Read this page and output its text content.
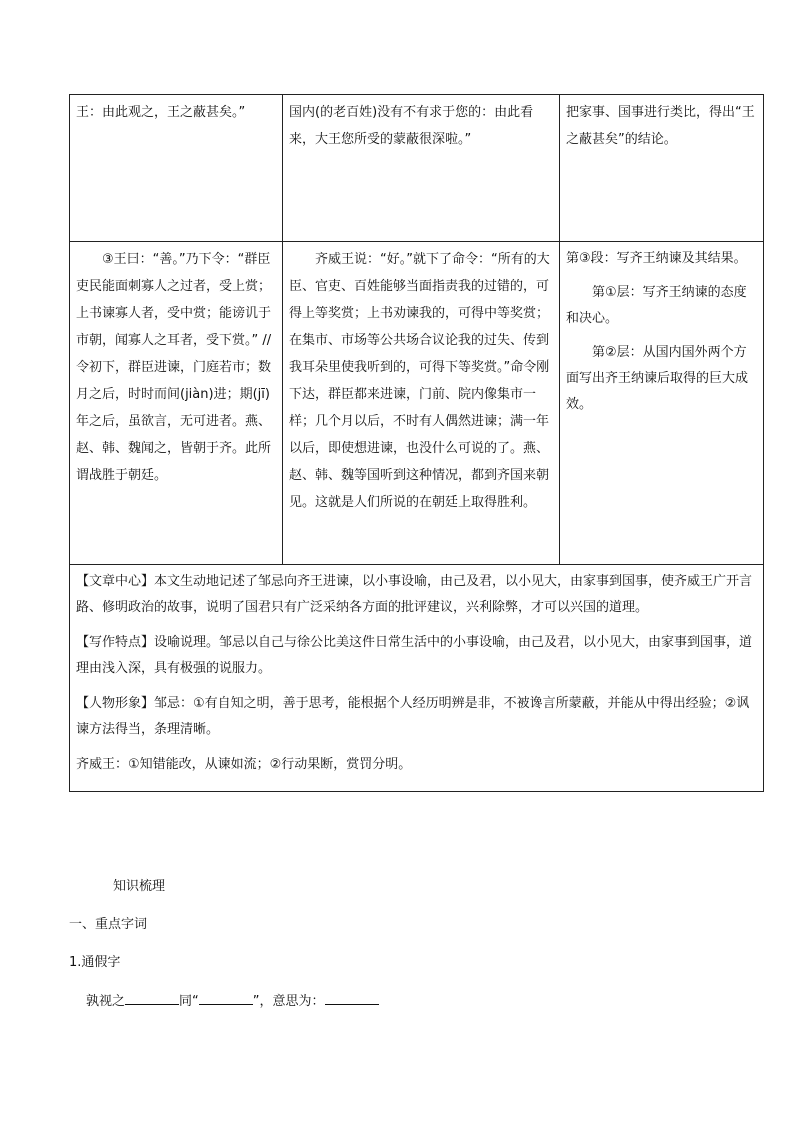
王：由此观之，王之蔽甚矣。”	国内(的老百姓)没有不有求于您的：由此看来，大王您所受的蒙蔽很深啦。”	把家事、国事进行类比，得出“王之蔽甚矣”的结论。

③王曰：“善。”乃下令：“群臣吏民能面刺寡人之过者，受上赏；上书谏寡人者，受中赏；能谤讥于市朝，闻寡人之耳者，受下赏。” // 令初下，群臣进谏，门庭若市；数月之后，时时而间(jiàn)进；期(jī)年之后，虽欲言，无可进者。燕、赵、韩、魏闻之，皆朝于齐。此所谓战胜于朝廷。	齐威王说：“好。”就下了命令：“所有的大臣、官吏、百姓能够当面指责我的过错的，可得上等奖赏；上书劝谏我的，可得中等奖赏；在集市、市场等公共场合议论我的过失、传到我耳朵里使我听到的，可得下等奖赏。”命令刚下达，群臣都来进谏，门前、院内像集市一样；几个月以后，不时有人偶然进谏；满一年以后，即使想进谏，也没什么可说的了。燕、赵、韩、魏等国听到这种情况，都到齐国来朝见。这就是人们所说的在朝廷上取得胜利。	第③段：写齐王纳谏及其结果。

第①层：写齐王纳谏的态度和决心。

第②层：从国内国外两个方面写出齐王纳谏后取得的巨大成效。

【文章中心】本文生动地记述了邹忌向齐王进谏，以小事设喻，由己及君，以小见大，由家事到国事，使齐威王广开言路、修明政治的故事，说明了国君只有广泛采纳各方面的批评建议，兴利除弊，才可以兴国的道理。

【写作特点】设喻说理。邹忌以自己与徐公比美这件日常生活中的小事设喻，由己及君，以小见大，由家事到国事，道理由浅入深，具有极强的说服力。

【人物形象】邹忌：①有自知之明，善于思考，能根据个人经历明辨是非，不被谗言所蒙蔽，并能从中得出经验；②讽谏方法得当，条理清晰。

齐威王：①知错能改，从谏如流；②行动果断，赏罚分明。		

知识梳理
一、重点字词
1.通假字
孰视之	同“	”，意思为：
